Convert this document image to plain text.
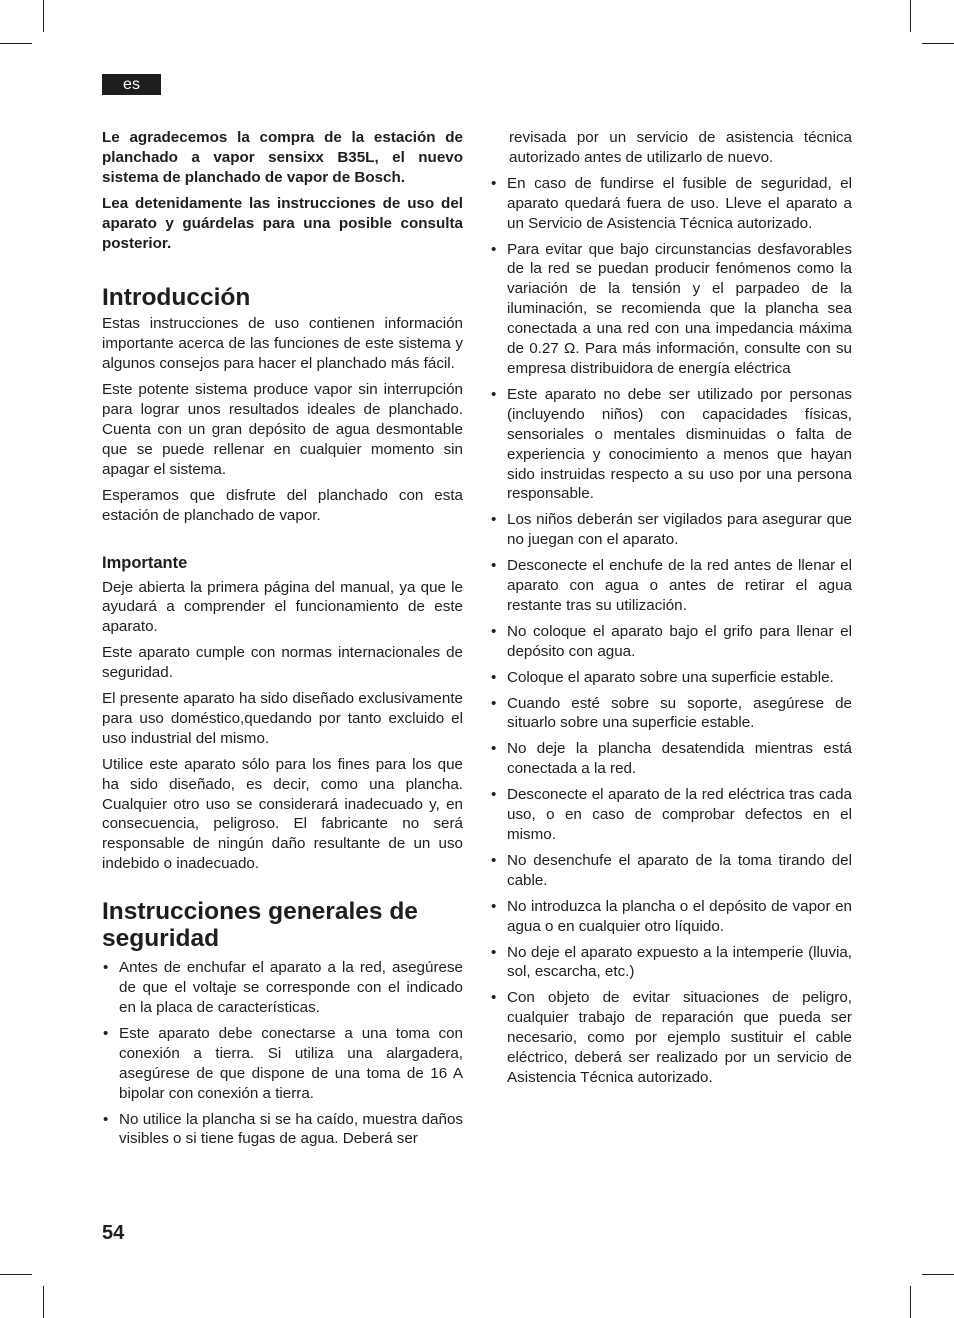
es

Le agradecemos la compra de la estación de planchado a vapor sensixx B35L, el nuevo sistema de planchado de vapor de Bosch.

Lea detenidamente las instrucciones de uso del aparato y guárdelas para una posible consulta posterior.

Introducción

Estas instrucciones de uso contienen información importante acerca de las funciones de este sistema y algunos consejos para hacer el planchado más fácil.

Este potente sistema produce vapor sin interrupción para lograr unos resultados ideales de planchado. Cuenta con un gran depósito de agua desmontable que se puede rellenar en cualquier momento sin apagar el sistema.

Esperamos que disfrute del planchado con esta estación de planchado de vapor.

Importante

Deje abierta la primera página del manual, ya que le ayudará a comprender el funcionamiento de este aparato.

Este aparato cumple con normas internacionales de seguridad.

El presente aparato ha sido diseñado exclusivamente para uso doméstico,quedando por tanto excluido el uso industrial del mismo.

Utilice este aparato sólo para los fines para los que ha sido diseñado, es decir, como una plancha. Cualquier otro uso se considerará inadecuado y, en consecuencia, peligroso. El fabricante no será responsable de ningún daño resultante de un uso indebido o inadecuado.

Instrucciones generales de seguridad
• Antes de enchufar el aparato a la red, asegúrese de que el voltaje se corresponde con el indicado en la placa de características.
• Este aparato debe conectarse a una toma con conexión a tierra. Si utiliza una alargadera, asegúrese de que dispone de una toma de 16 A bipolar con conexión a tierra.
• No utilice la plancha si se ha caído, muestra daños visibles o si tiene fugas de agua. Deberá ser

revisada por un servicio de asistencia técnica autorizado antes de utilizarlo de nuevo.

• En caso de fundirse el fusible de seguridad, el aparato quedará fuera de uso. Lleve el aparato a un Servicio de Asistencia Técnica autorizado.
• Para evitar que bajo circunstancias desfavorables de la red se puedan producir fenómenos como la variación de la tensión y el parpadeo de la iluminación, se recomienda que la plancha sea conectada a una red con una impedancia máxima de 0.27 Ω. Para más información, consulte con su empresa distribuidora de energía eléctrica
• Este aparato no debe ser utilizado por personas (incluyendo niños) con capacidades físicas, sensoriales o mentales disminuidas o falta de experiencia y conocimiento a menos que hayan sido instruidas respecto a su uso por una persona responsable.
• Los niños deberán ser vigilados para asegurar que no juegan con el aparato.
• Desconecte el enchufe de la red antes de llenar el aparato con agua o antes de retirar el agua restante tras su utilización.
• No coloque el aparato bajo el grifo para llenar el depósito con agua.
• Coloque el aparato sobre una superficie estable.
• Cuando esté sobre su soporte, asegúrese de situarlo sobre una superficie estable.
• No deje la plancha desatendida mientras está conectada a la red.
• Desconecte el aparato de la red eléctrica tras cada uso, o en caso de comprobar defectos en el mismo.
• No desenchufe el aparato de la toma tirando del cable.
• No introduzca la plancha o el depósito de vapor en agua o en cualquier otro líquido.
• No deje el aparato expuesto a la intemperie (lluvia, sol, escarcha, etc.)
• Con objeto de evitar situaciones de peligro, cualquier trabajo de reparación que pueda ser necesario, como por ejemplo sustituir el cable eléctrico, deberá ser realizado por un servicio de Asistencia Técnica autorizado.
54
